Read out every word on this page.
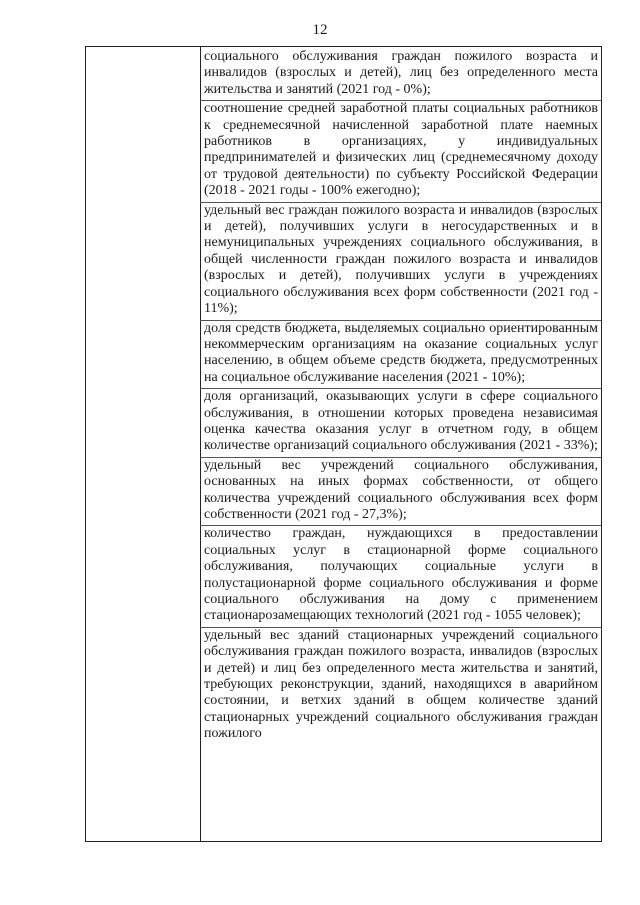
12
социального обслуживания граждан пожилого возраста и инвалидов (взрослых и детей), лиц без определенного места жительства и занятий (2021 год - 0%);
соотношение средней заработной платы социальных работников к среднемесячной начисленной заработной плате наемных работников в организациях, у индивидуальных предпринимателей и физических лиц (среднемесячному доходу от трудовой деятельности) по субъекту Российской Федерации (2018 - 2021 годы - 100% ежегодно);
удельный вес граждан пожилого возраста и инвалидов (взрослых и детей), получивших услуги в негосударственных и в немуниципальных учреждениях социального обслуживания, в общей численности граждан пожилого возраста и инвалидов (взрослых и детей), получивших услуги в учреждениях социального обслуживания всех форм собственности (2021 год - 11%);
доля средств бюджета, выделяемых социально ориентированным некоммерческим организациям на оказание социальных услуг населению, в общем объеме средств бюджета, предусмотренных на социальное обслуживание населения (2021 - 10%);
доля организаций, оказывающих услуги в сфере социального обслуживания, в отношении которых проведена независимая оценка качества оказания услуг в отчетном году, в общем количестве организаций социального обслуживания (2021 - 33%);
удельный вес учреждений социального обслуживания, основанных на иных формах собственности, от общего количества учреждений социального обслуживания всех форм собственности (2021 год - 27,3%);
количество граждан, нуждающихся в предоставлении социальных услуг в стационарной форме социального обслуживания, получающих социальные услуги в полустационарной форме социального обслуживания и форме социального обслуживания на дому с применением стационарозамещающих технологий (2021 год - 1055 человек);
удельный вес зданий стационарных учреждений социального обслуживания граждан пожилого возраста, инвалидов (взрослых и детей) и лиц без определенного места жительства и занятий, требующих реконструкции, зданий, находящихся в аварийном состоянии, и ветхих зданий в общем количестве зданий стационарных учреждений социального обслуживания граждан пожилого
